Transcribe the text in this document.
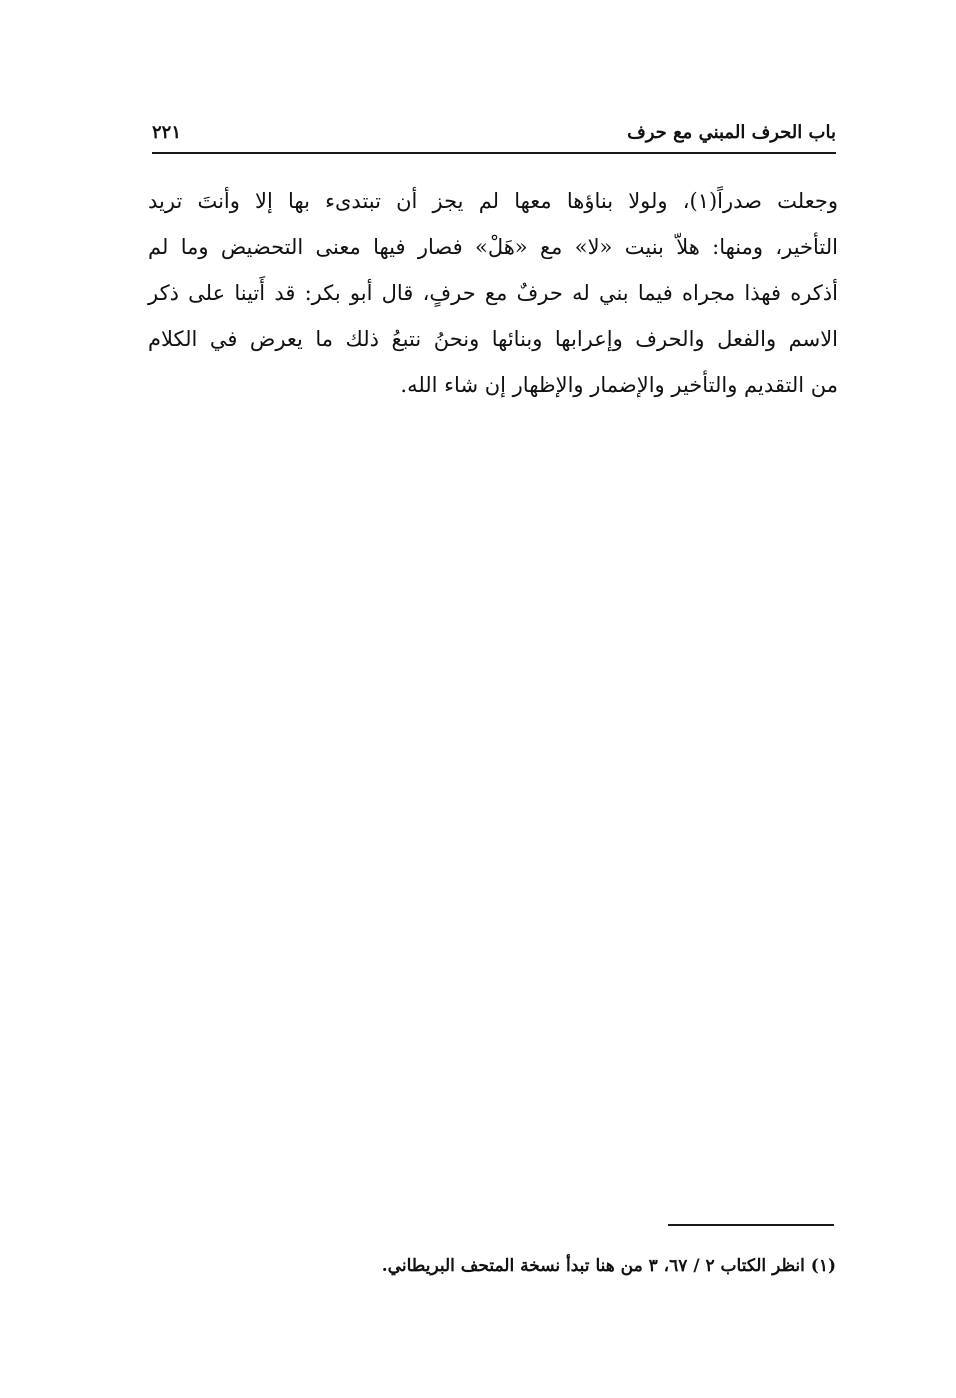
باب الحرف المبني مع حرف
٢٢١
وجعلت صدراً(١)، ولولا بناؤها معها لم يجز أن تبتدىء بها إلا وأنتَ تريد
التأخير، ومنها: هلاّ بنيت «لا» مع «هَلْ» فصار فيها معنى التحضيض وما لم
أذكره فهذا مجراه فيما بني له حرفٌ مع حرفٍ، قال أبو بكر: قد أَتينا على ذكر
الاسم والفعل والحرف وإعرابها وبنائها ونحنُ نتبعُ ذلك ما يعرض في الكلام
من التقديم والتأخير والإضمار والإظهار إن شاء الله.
(١) انظر الكتاب ٢ / ٦٧، ٣ من هنا تبدأ نسخة المتحف البريطاني.
